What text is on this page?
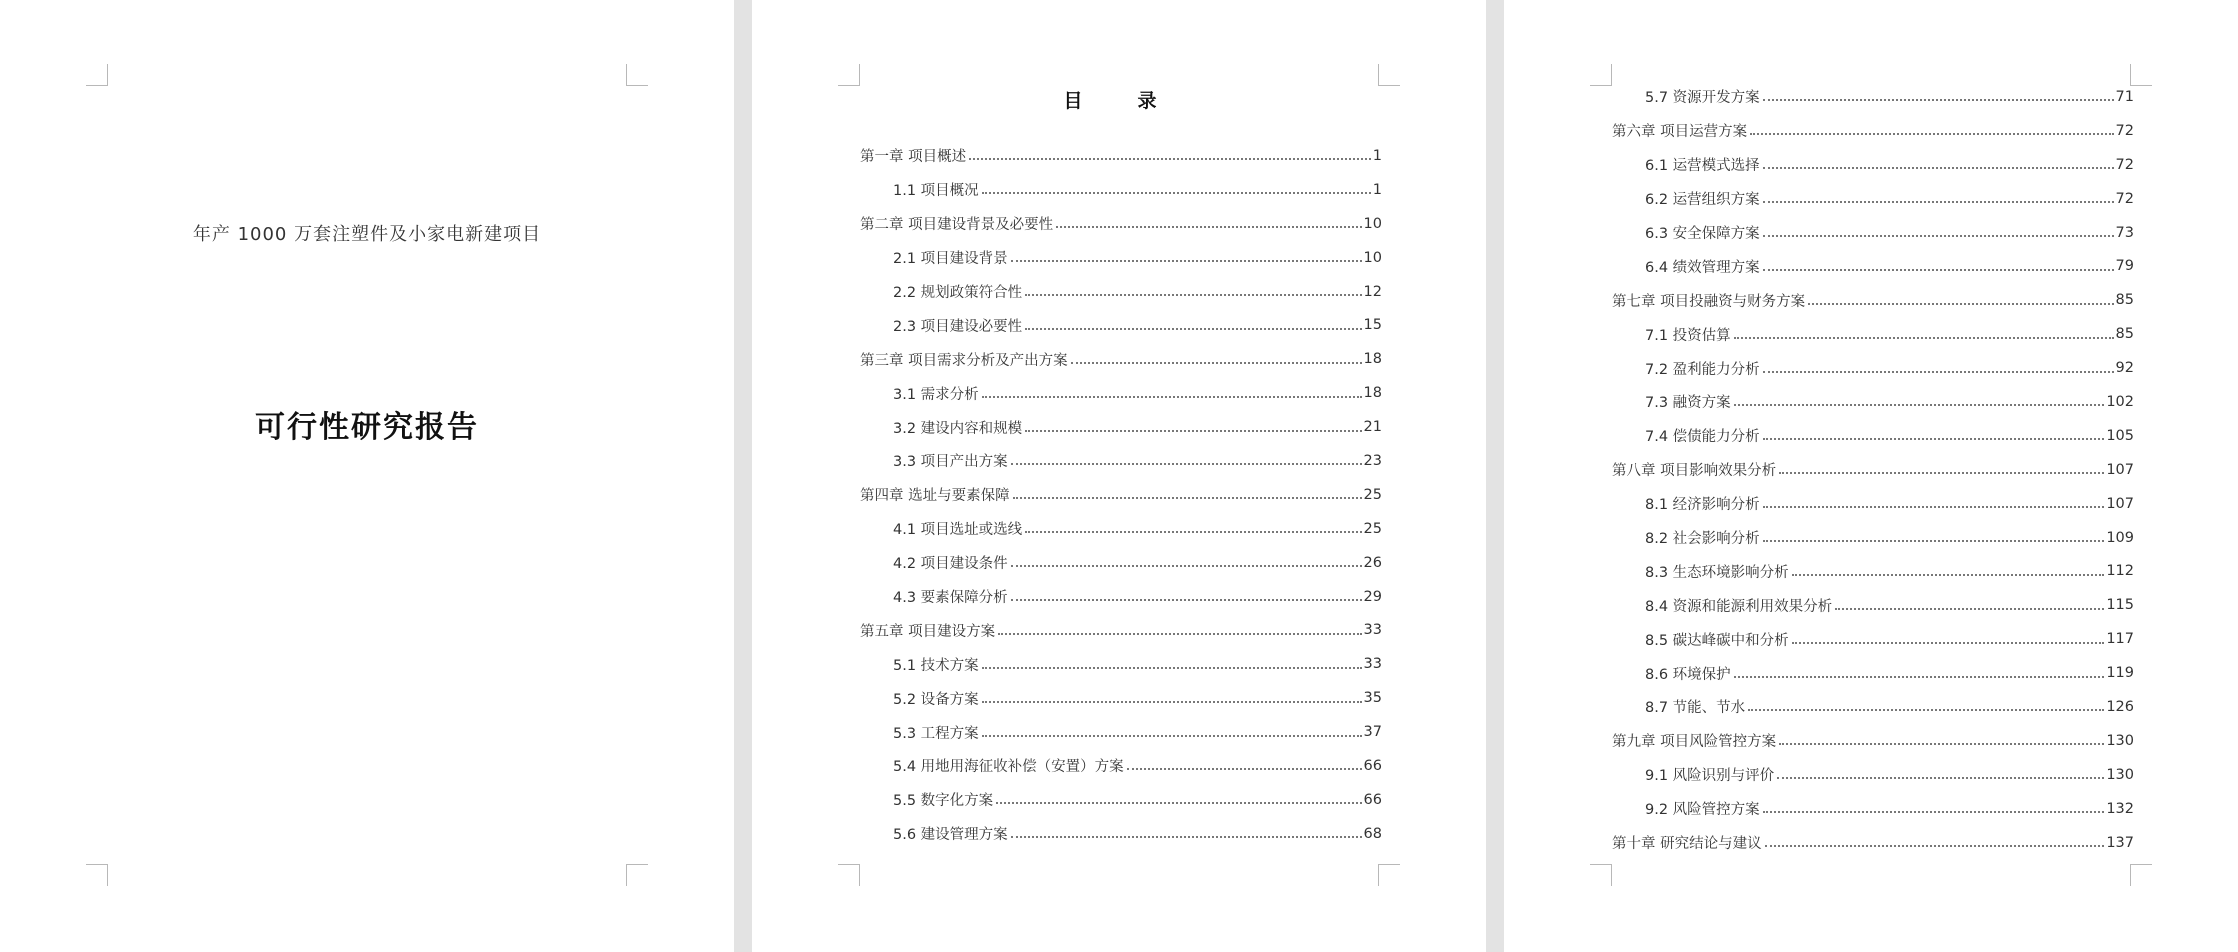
年产 1000 万套注塑件及小家电新建项目
可行性研究报告
目　录
第一章 项目概述	1
1.1 项目概况	1
第二章 项目建设背景及必要性	10
2.1 项目建设背景	10
2.2 规划政策符合性	12
2.3 项目建设必要性	15
第三章 项目需求分析及产出方案	18
3.1 需求分析	18
3.2 建设内容和规模	21
3.3 项目产出方案	23
第四章 选址与要素保障	25
4.1 项目选址或选线	25
4.2 项目建设条件	26
4.3 要素保障分析	29
第五章 项目建设方案	33
5.1 技术方案	33
5.2 设备方案	35
5.3 工程方案	37
5.4 用地用海征收补偿（安置）方案	66
5.5 数字化方案	66
5.6 建设管理方案	68
5.7 资源开发方案	71
第六章 项目运营方案	72
6.1 运营模式选择	72
6.2 运营组织方案	72
6.3 安全保障方案	73
6.4 绩效管理方案	79
第七章 项目投融资与财务方案	85
7.1 投资估算	85
7.2 盈利能力分析	92
7.3 融资方案	102
7.4 偿债能力分析	105
第八章 项目影响效果分析	107
8.1 经济影响分析	107
8.2 社会影响分析	109
8.3 生态环境影响分析	112
8.4 资源和能源利用效果分析	115
8.5 碳达峰碳中和分析	117
8.6 环境保护	119
8.7 节能、节水	126
第九章 项目风险管控方案	130
9.1 风险识别与评价	130
9.2 风险管控方案	132
第十章 研究结论与建议	137
